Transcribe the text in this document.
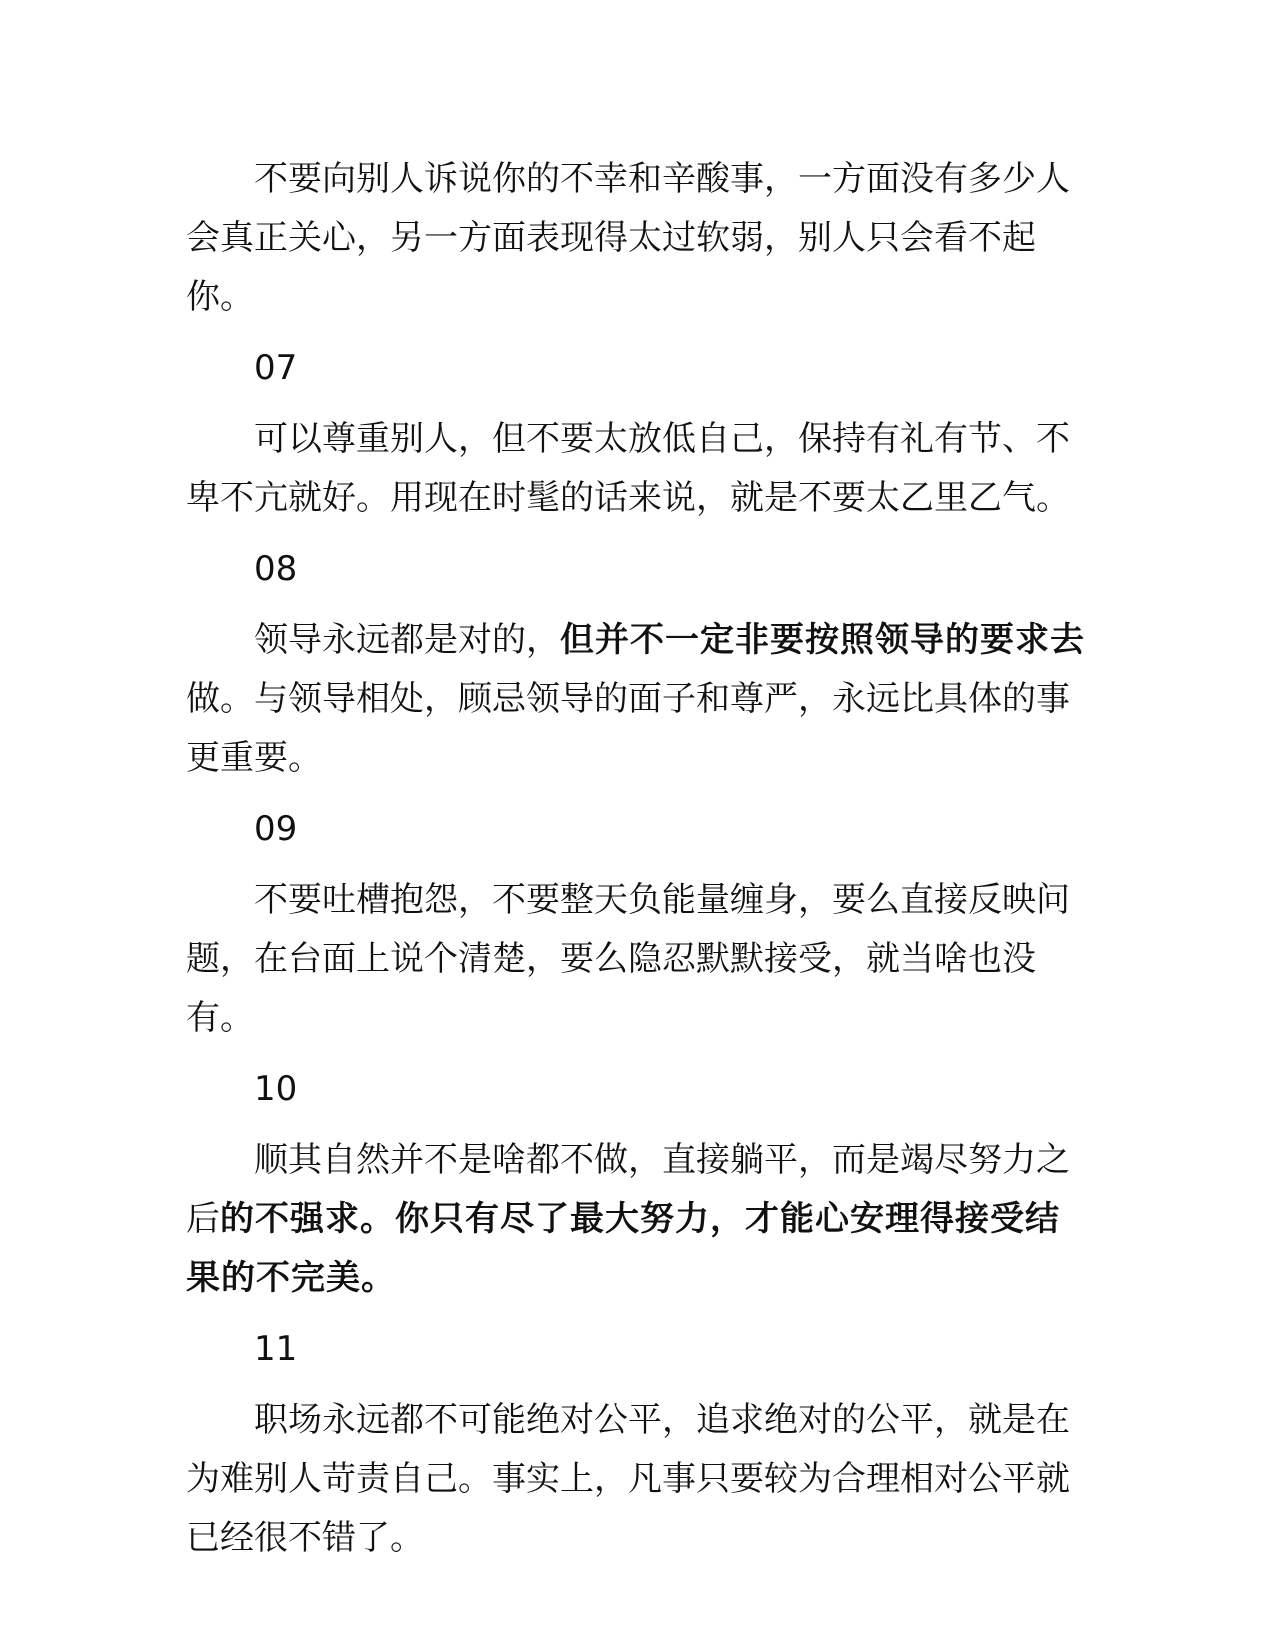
不要向别人诉说你的不幸和辛酸事，一方面没有多少人会真正关心，另一方面表现得太过软弱，别人只会看不起你。

07

可以尊重别人，但不要太放低自己，保持有礼有节、不卑不亢就好。用现在时髦的话来说，就是不要太乙里乙气。

08

领导永远都是对的，但并不一定非要按照领导的要求去做。与领导相处，顾忌领导的面子和尊严，永远比具体的事更重要。

09

不要吐槽抱怨，不要整天负能量缠身，要么直接反映问题，在台面上说个清楚，要么隐忍默默接受，就当啥也没有。

10

顺其自然并不是啥都不做，直接躺平，而是竭尽努力之后的不强求。你只有尽了最大努力，才能心安理得接受结果的不完美。

11

职场永远都不可能绝对公平，追求绝对的公平，就是在为难别人苛责自己。事实上，凡事只要较为合理相对公平就已经很不错了。
